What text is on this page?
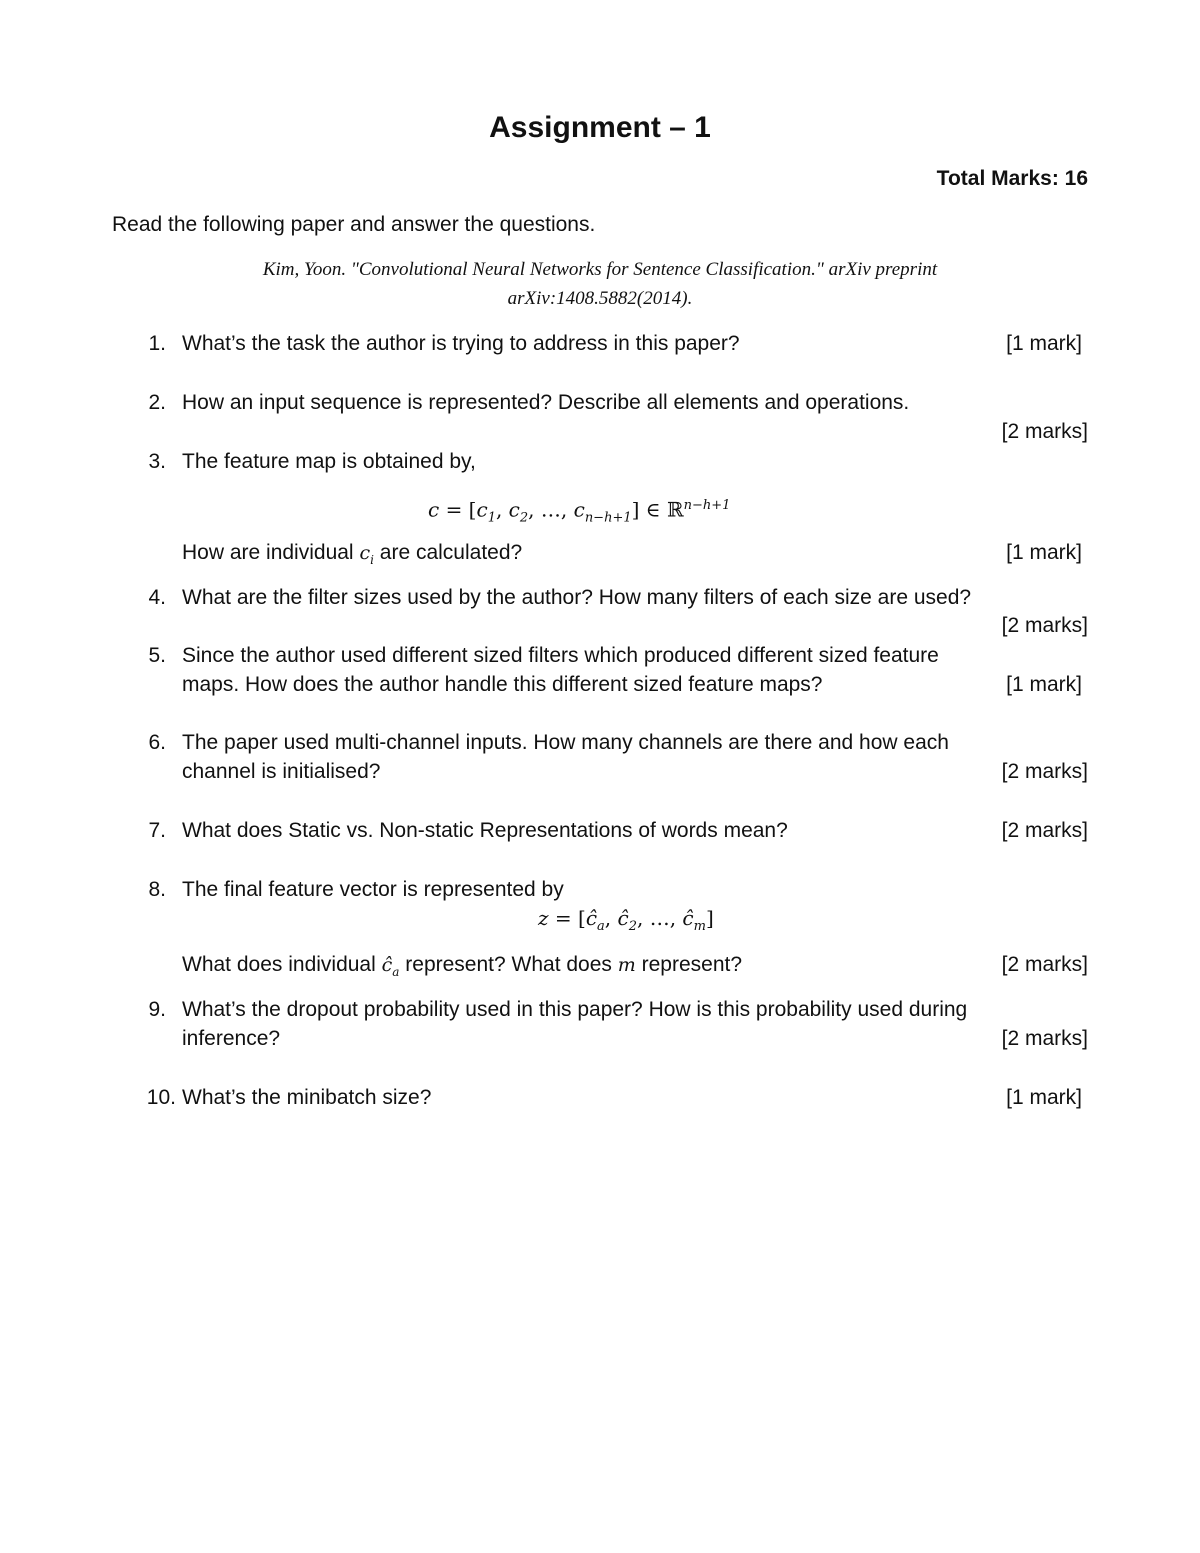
Assignment – 1
Total Marks: 16
Read the following paper and answer the questions.
Kim, Yoon. "Convolutional Neural Networks for Sentence Classification." arXiv preprint
arXiv:1408.5882(2014).
1. What’s the task the author is trying to address in this paper?	[1 mark]
2. How an input sequence is represented? Describe all elements and operations.
[2 marks]
3. The feature map is obtained by,
$c = [c_1$, $c_2$, …, $c_{n-h+1}$] ∈ ℝ$^{n-h+1}$
How are individual $c_i$ are calculated?	[1 mark]
4. What are the filter sizes used by the author? How many filters of each size are used?
[2 marks]
5. Since the author used different sized filters which produced different sized feature
maps. How does the author handle this different sized feature maps?	[1 mark]
6. The paper used multi-channel inputs. How many channels are there and how each
channel is initialised?	[2 marks]
7. What does Static vs. Non-static Representations of words mean?	[2 marks]
8. The final feature vector is represented by
$z = [ĉ_a$, $ĉ_2$, …, $ĉ_m$]
What does individual $ĉ_a$ represent? What does m represent?	[2 marks]
9. What’s the dropout probability used in this paper? How is this probability used during
inference?	[2 marks]
10. What’s the minibatch size?	[1 mark]
